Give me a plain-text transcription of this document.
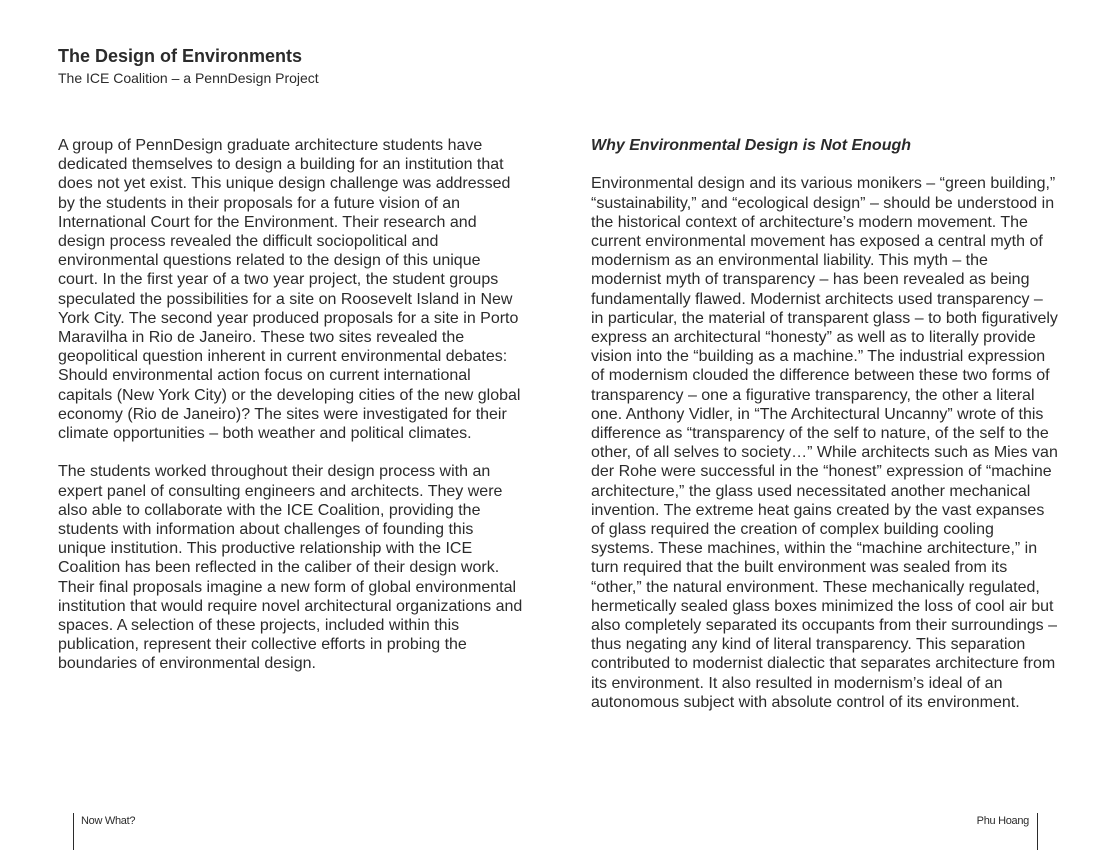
The Design of Environments
The ICE Coalition – a PennDesign Project

A group of PennDesign graduate architecture students have dedicated themselves to design a building for an institution that does not yet exist. This unique design challenge was addressed by the students in their proposals for a future vision of an International Court for the Environment. Their research and design process revealed the difficult sociopolitical and environmental questions related to the design of this unique court. In the first year of a two year project, the student groups speculated the possibilities for a site on Roosevelt Island in New York City. The second year produced proposals for a site in Porto Maravilha in Rio de Janeiro. These two sites revealed the geopolitical question inherent in current environmental debates: Should environmental action focus on current international capitals (New York City) or the developing cities of the new global economy (Rio de Janeiro)? The sites were investigated for their climate opportunities – both weather and political climates.

The students worked throughout their design process with an expert panel of consulting engineers and architects. They were also able to collaborate with the ICE Coalition, providing the students with information about challenges of founding this unique institution. This productive relationship with the ICE Coalition has been reflected in the caliber of their design work. Their final proposals imagine a new form of global environmental institution that would require novel architectural organizations and spaces. A selection of these projects, included within this publication, represent their collective efforts in probing the boundaries of environmental design.

Why Environmental Design is Not Enough

Environmental design and its various monikers – “green building,” “sustainability,” and “ecological design” – should be understood in the historical context of architecture’s modern movement. The current environmental movement has exposed a central myth of modernism as an environmental liability. This myth – the modernist myth of transparency – has been revealed as being fundamentally flawed. Modernist architects used transparency – in particular, the material of transparent glass – to both figuratively express an architectural “honesty” as well as to literally provide vision into the “building as a machine.” The industrial expression of modernism clouded the difference between these two forms of transparency – one a figurative transparency, the other a literal one. Anthony Vidler, in “The Architectural Uncanny” wrote of this difference as “transparency of the self to nature, of the self to the other, of all selves to society…” While architects such as Mies van der Rohe were successful in the “honest” expression of “machine architecture,” the glass used necessitated another mechanical invention. The extreme heat gains created by the vast expanses of glass required the creation of complex building cooling systems. These machines, within the “machine architecture,” in turn required that the built environment was sealed from its “other,” the natural environment. These mechanically regulated, hermetically sealed glass boxes minimized the loss of cool air but also completely separated its occupants from their surroundings – thus negating any kind of literal transparency. This separation contributed to modernist dialectic that separates architecture from its environment. It also resulted in modernism’s ideal of an autonomous subject with absolute control of its environment.

Now What?	Phu Hoang
